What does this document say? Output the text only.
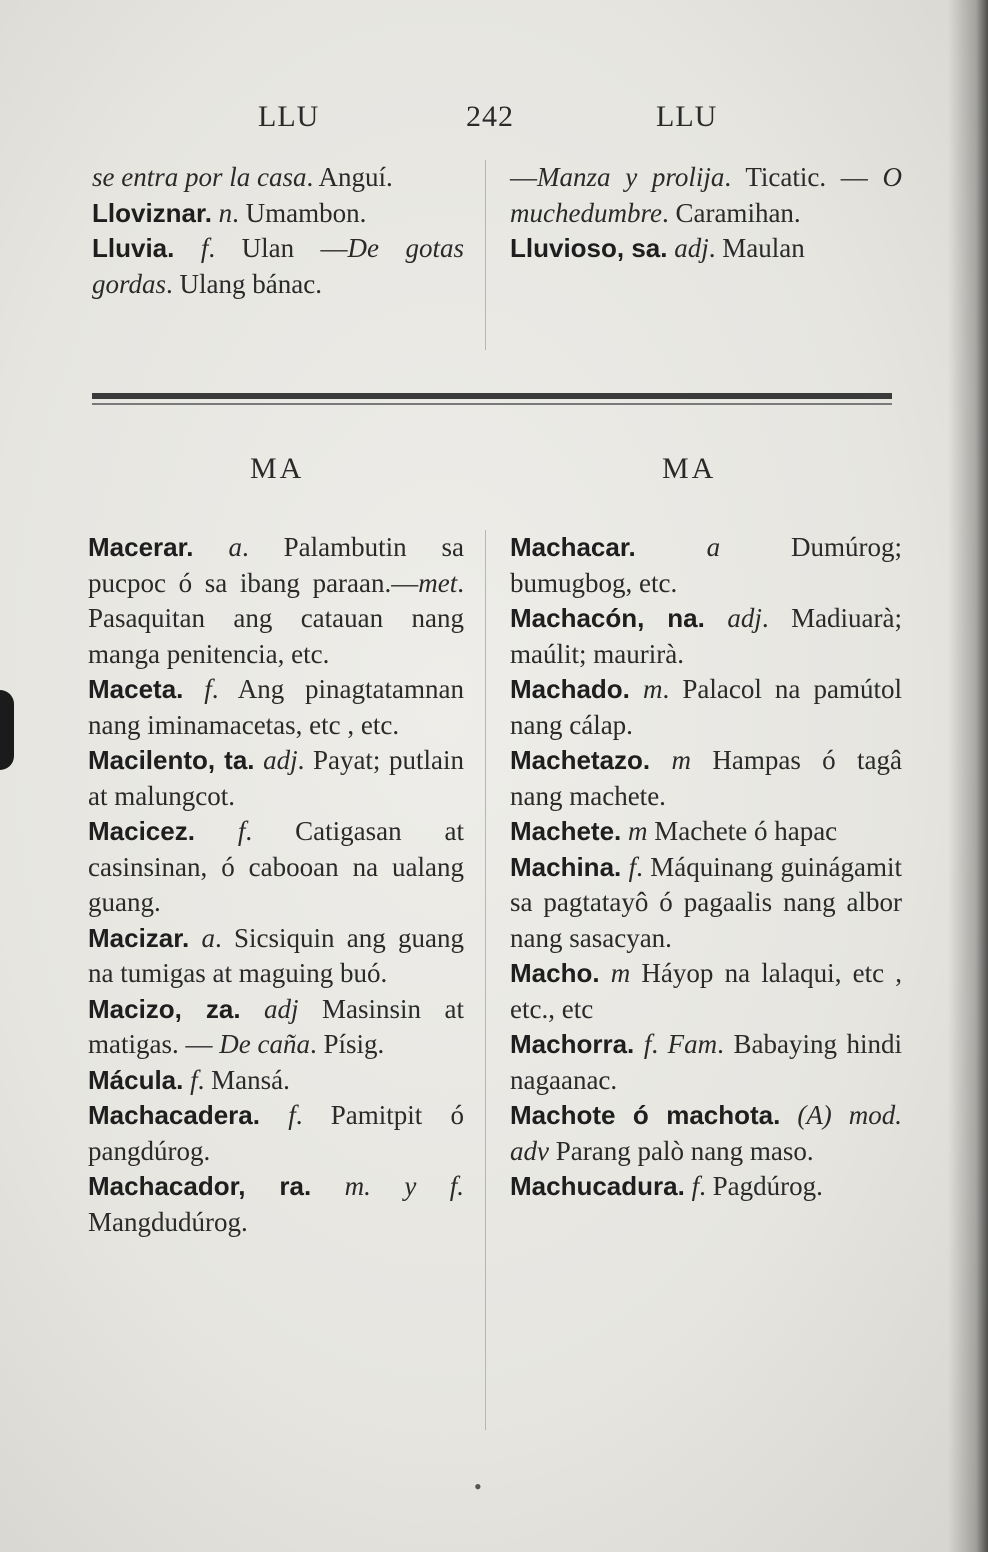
LLU	242	LLU

se entra por la casa. Anguí.

Lloviznar. n. Umambon.

Lluvia. f. Ulan —De gotas gordas. Ulang bánac.

—Manza y prolija. Ticatic. — O muchedumbre. Caramihan.

Lluvioso, sa. adj. Maulan

MA	MA

Macerar. a. Palambutin sa pucpoc ó sa ibang paraan.—met. Pasaquitan ang catauan nang manga penitencia, etc.

Maceta. f. Ang pinagtatamnan nang iminamacetas, etc , etc.

Macilento, ta. adj. Payat; putlain at malungcot.

Macicez. f. Catigasan at casinsinan, ó cabooan na ualang guang.

Macizar. a. Sicsiquin ang guang na tumigas at maguing buó.

Macizo, za. adj Masinsin at matigas. — De caña. Písig.

Mácula. f. Mansá.

Machacadera. f. Pamitpit ó pangdúrog.

Machacador, ra. m. y f. Mangdudúrog.

Machacar.	a Dumúrog; bumugbog, etc.

Machacón, na. adj. Madiuarà; maúlit; maurirà.

Machado. m. Palacol na pamútol nang cálap.

Machetazo. m Hampas ó tagâ nang machete.

Machete. m Machete ó hapac

Machina. f. Máquinang guinágamit sa pagtatayô ó pagaalis nang albor nang sasacyan.

Macho. m Háyop na lalaqui, etc , etc., etc

Machorra. f. Fam. Babaying hindi nagaanac.

Machote ó machota. (A) mod. adv Parang palò nang maso.

Machucadura. f. Pagdúrog.

•
